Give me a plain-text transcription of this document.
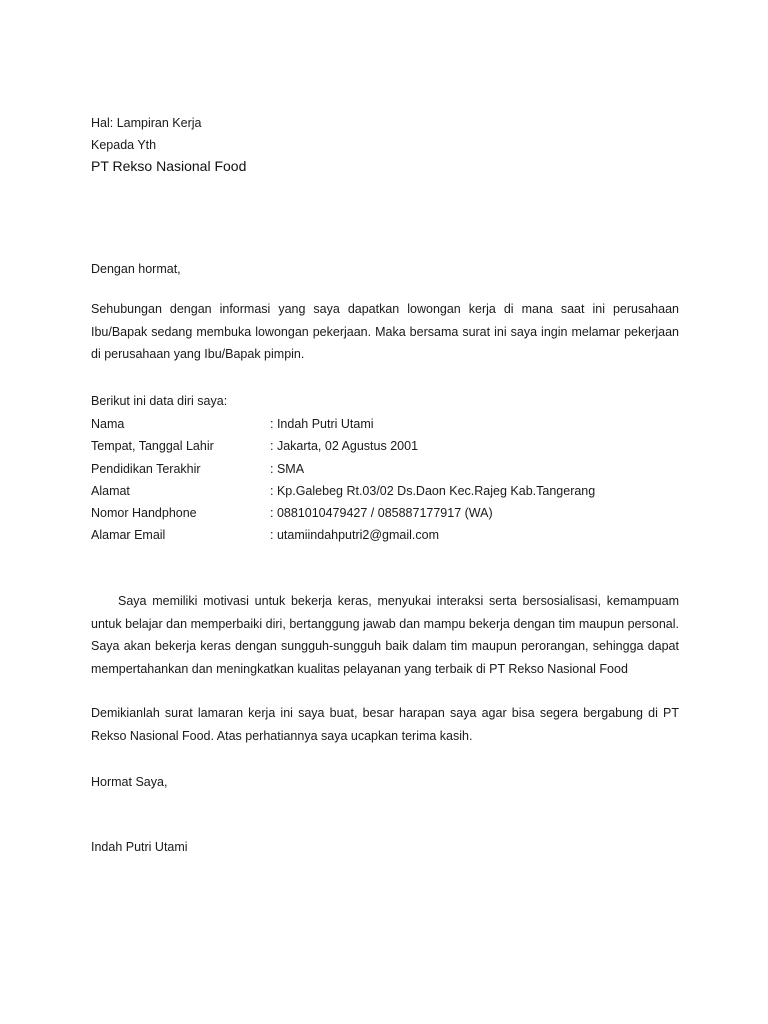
Hal: Lampiran Kerja
Kepada Yth
PT Rekso Nasional Food
Dengan hormat,

Sehubungan dengan informasi yang saya dapatkan lowongan kerja di mana saat ini perusahaan Ibu/Bapak sedang membuka lowongan pekerjaan. Maka bersama surat ini saya ingin melamar pekerjaan di perusahaan yang Ibu/Bapak pimpin.

Berikut ini data diri saya:
Nama	: Indah Putri Utami
Tempat, Tanggal Lahir	: Jakarta, 02 Agustus 2001
Pendidikan Terakhir	: SMA
Alamat	: Kp.Galebeg Rt.03/02 Ds.Daon Kec.Rajeg Kab.Tangerang
Nomor Handphone	: 0881010479427 / 085887177917 (WA)
Alamar Email	: utamiindahputri2@gmail.com

Saya memiliki motivasi untuk bekerja keras, menyukai interaksi serta bersosialisasi, kemampuam untuk belajar dan memperbaiki diri, bertanggung jawab dan mampu bekerja dengan tim maupun personal. Saya akan bekerja keras dengan sungguh-sungguh baik dalam tim maupun perorangan, sehingga dapat mempertahankan dan meningkatkan kualitas pelayanan yang terbaik di PT Rekso Nasional Food

Demikianlah surat lamaran kerja ini saya buat, besar harapan saya agar bisa segera bergabung di PT Rekso Nasional Food. Atas perhatiannya saya ucapkan terima kasih.

Hormat Saya,
Indah Putri Utami
